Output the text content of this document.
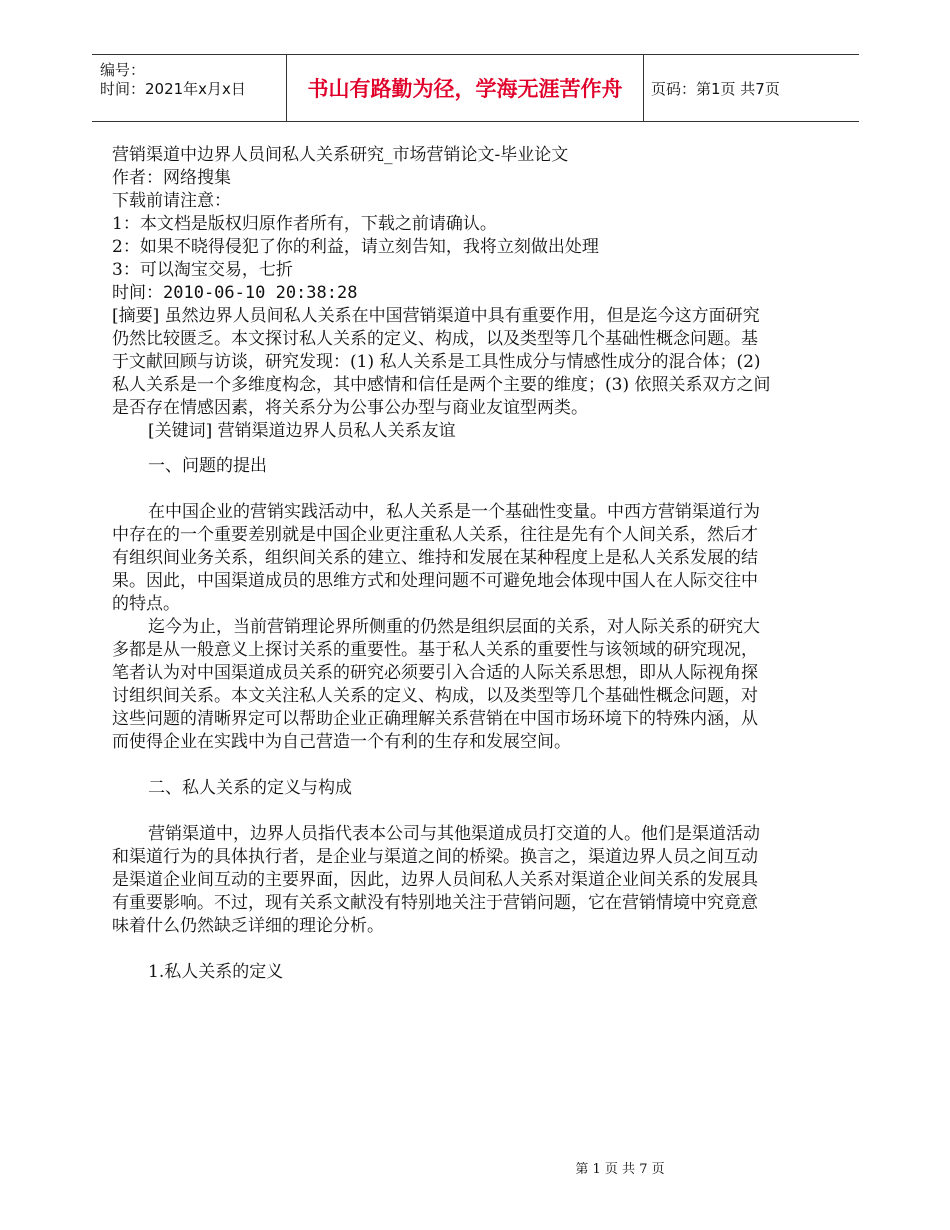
编号：
时间：2021年x月x日	书山有路勤为径，学海无涯苦作舟	页码：第1页 共7页

营销渠道中边界人员间私人关系研究_市场营销论文-毕业论文

作者：网络搜集

下载前请注意：

1：本文档是版权归原作者所有，下载之前请确认。

2：如果不晓得侵犯了你的利益，请立刻告知，我将立刻做出处理

3：可以淘宝交易，七折

时间：2010-06-10 20:38:28

[摘要] 虽然边界人员间私人关系在中国营销渠道中具有重要作用，但是迄今这方面研究仍然比较匮乏。本文探讨私人关系的定义、构成，以及类型等几个基础性概念问题。基于文献回顾与访谈，研究发现：(1) 私人关系是工具性成分与情感性成分的混合体；(2) 私人关系是一个多维度构念，其中感情和信任是两个主要的维度；(3) 依照关系双方之间是否存在情感因素，将关系分为公事公办型与商业友谊型两类。

[关键词] 营销渠道边界人员私人关系友谊

一、问题的提出

在中国企业的营销实践活动中，私人关系是一个基础性变量。中西方营销渠道行为中存在的一个重要差别就是中国企业更注重私人关系，往往是先有个人间关系，然后才有组织间业务关系，组织间关系的建立、维持和发展在某种程度上是私人关系发展的结果。因此，中国渠道成员的思维方式和处理问题不可避免地会体现中国人在人际交往中的特点。

迄今为止，当前营销理论界所侧重的仍然是组织层面的关系，对人际关系的研究大多都是从一般意义上探讨关系的重要性。基于私人关系的重要性与该领域的研究现况，笔者认为对中国渠道成员关系的研究必须要引入合适的人际关系思想，即从人际视角探讨组织间关系。本文关注私人关系的定义、构成，以及类型等几个基础性概念问题，对这些问题的清晰界定可以帮助企业正确理解关系营销在中国市场环境下的特殊内涵，从而使得企业在实践中为自己营造一个有利的生存和发展空间。

二、私人关系的定义与构成

营销渠道中，边界人员指代表本公司与其他渠道成员打交道的人。他们是渠道活动和渠道行为的具体执行者，是企业与渠道之间的桥梁。换言之，渠道边界人员之间互动是渠道企业间互动的主要界面，因此，边界人员间私人关系对渠道企业间关系的发展具有重要影响。不过，现有关系文献没有特别地关注于营销问题，它在营销情境中究竟意味着什么仍然缺乏详细的理论分析。

1.私人关系的定义

第 1 页 共 7 页
